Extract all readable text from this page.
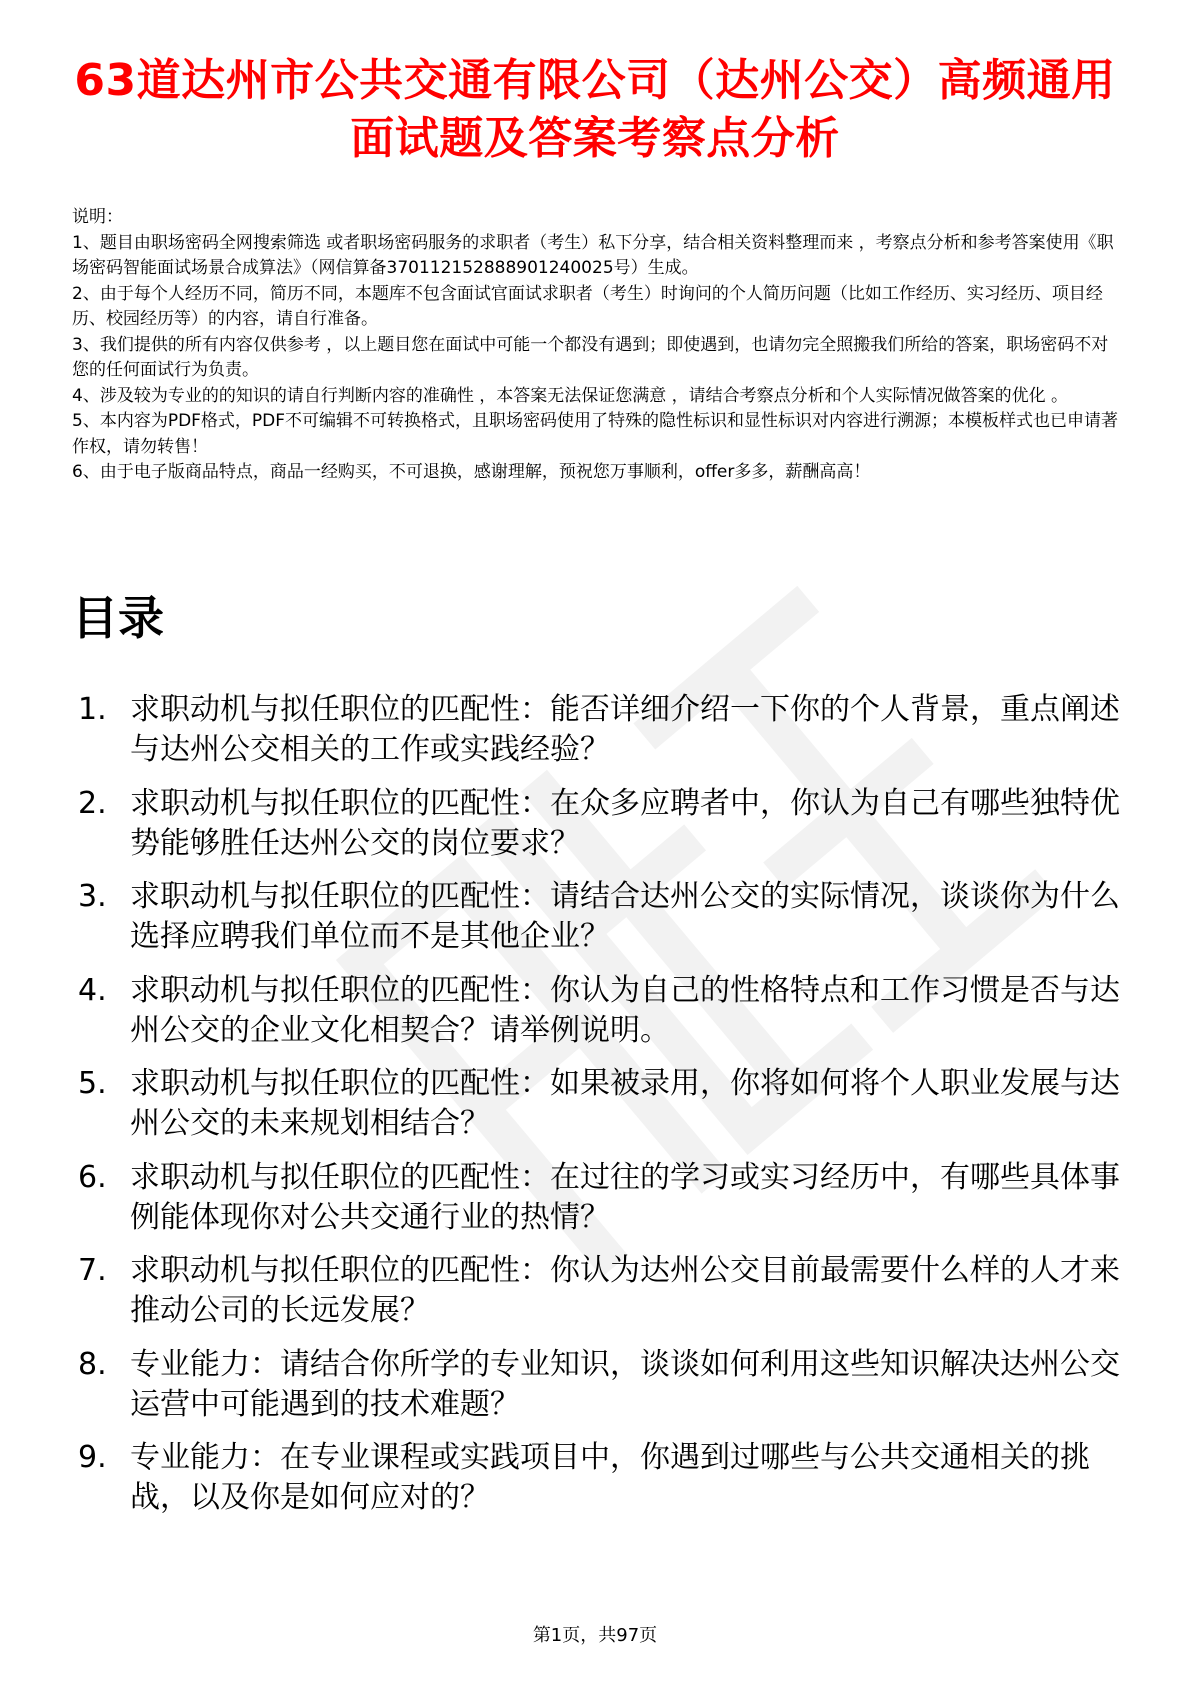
63道达州市公共交通有限公司（达州公交）高频通用面试题及答案考察点分析
说明：
1、题目由职场密码全网搜索筛选 或者职场密码服务的求职者（考生）私下分享，结合相关资料整理而来 ，考察点分析和参考答案使用《职场密码智能面试场景合成算法》（网信算备370112152888901240025号）生成。
2、由于每个人经历不同，简历不同，本题库不包含面试官面试求职者（考生）时询问的个人简历问题（比如工作经历、实习经历、项目经历、校园经历等）的内容，请自行准备。
3、我们提供的所有内容仅供参考 ，以上题目您在面试中可能一个都没有遇到；即使遇到，也请勿完全照搬我们所给的答案，职场密码不对您的任何面试行为负责。
4、涉及较为专业的的知识的请自行判断内容的准确性 ，本答案无法保证您满意 ，请结合考察点分析和个人实际情况做答案的优化 。
5、本内容为PDF格式，PDF不可编辑不可转换格式，且职场密码使用了特殊的隐性标识和显性标识对内容进行溯源；本模板样式也已申请著作权，请勿转售！
6、由于电子版商品特点，商品一经购买，不可退换，感谢理解，预祝您万事顺利，offer多多，薪酬高高！
目录
1. 求职动机与拟任职位的匹配性：能否详细介绍一下你的个人背景，重点阐述与达州公交相关的工作或实践经验？
2. 求职动机与拟任职位的匹配性：在众多应聘者中，你认为自己有哪些独特优势能够胜任达州公交的岗位要求？
3. 求职动机与拟任职位的匹配性：请结合达州公交的实际情况，谈谈你为什么选择应聘我们单位而不是其他企业？
4. 求职动机与拟任职位的匹配性：你认为自己的性格特点和工作习惯是否与达州公交的企业文化相契合？请举例说明。
5. 求职动机与拟任职位的匹配性：如果被录用，你将如何将个人职业发展与达州公交的未来规划相结合？
6. 求职动机与拟任职位的匹配性：在过往的学习或实习经历中，有哪些具体事例能体现你对公共交通行业的热情？
7. 求职动机与拟任职位的匹配性：你认为达州公交目前最需要什么样的人才来推动公司的长远发展？
8. 专业能力：请结合你所学的专业知识，谈谈如何利用这些知识解决达州公交运营中可能遇到的技术难题？
9. 专业能力：在专业课程或实践项目中，你遇到过哪些与公共交通相关的挑战，以及你是如何应对的？
第1页，共97页
